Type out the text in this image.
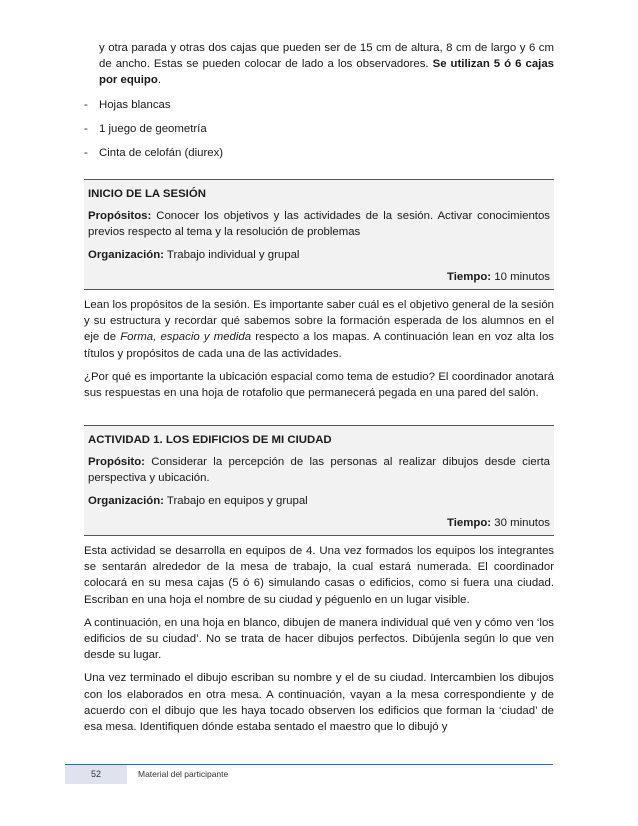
y otra parada y otras dos cajas que pueden ser de 15 cm de altura, 8 cm de largo y 6 cm de ancho. Estas se pueden colocar de lado a los observadores. Se utilizan 5 ó 6 cajas por equipo.

- Hojas blancas
- 1 juego de geometría
- Cinta de celofán (diurex)
INICIO DE LA SESIÓN

Propósitos: Conocer los objetivos y las actividades de la sesión. Activar conocimientos previos respecto al tema y la resolución de problemas

Organización: Trabajo individual y grupal

Tiempo: 10 minutos

Lean los propósitos de la sesión. Es importante saber cuál es el objetivo general de la sesión y su estructura y recordar qué sabemos sobre la formación esperada de los alumnos en el eje de Forma, espacio y medida respecto a los mapas. A continuación lean en voz alta los títulos y propósitos de cada una de las actividades.

¿Por qué es importante la ubicación espacial como tema de estudio? El coordinador anotará sus respuestas en una hoja de rotafolio que permanecerá pegada en una pared del salón.

ACTIVIDAD 1. LOS EDIFICIOS DE MI CIUDAD

Propósito: Considerar la percepción de las personas al realizar dibujos desde cierta perspectiva y ubicación.

Organización: Trabajo en equipos y grupal

Tiempo: 30 minutos

Esta actividad se desarrolla en equipos de 4. Una vez formados los equipos los integrantes se sentarán alrededor de la mesa de trabajo, la cual estará numerada. El coordinador colocará en su mesa cajas (5 ó 6) simulando casas o edificios, como si fuera una ciudad. Escriban en una hoja el nombre de su ciudad y péguenlo en un lugar visible.

A continuación, en una hoja en blanco, dibujen de manera individual qué ven y cómo ven ‘los edificios de su ciudad’. No se trata de hacer dibujos perfectos. Dibújenla según lo que ven desde su lugar.

Una vez terminado el dibujo escriban su nombre y el de su ciudad. Intercambien los dibujos con los elaborados en otra mesa. A continuación, vayan a la mesa correspondiente y de acuerdo con el dibujo que les haya tocado observen los edificios que forman la ‘ciudad’ de esa mesa. Identifiquen dónde estaba sentado el maestro que lo dibujó y

52	Material del participante
